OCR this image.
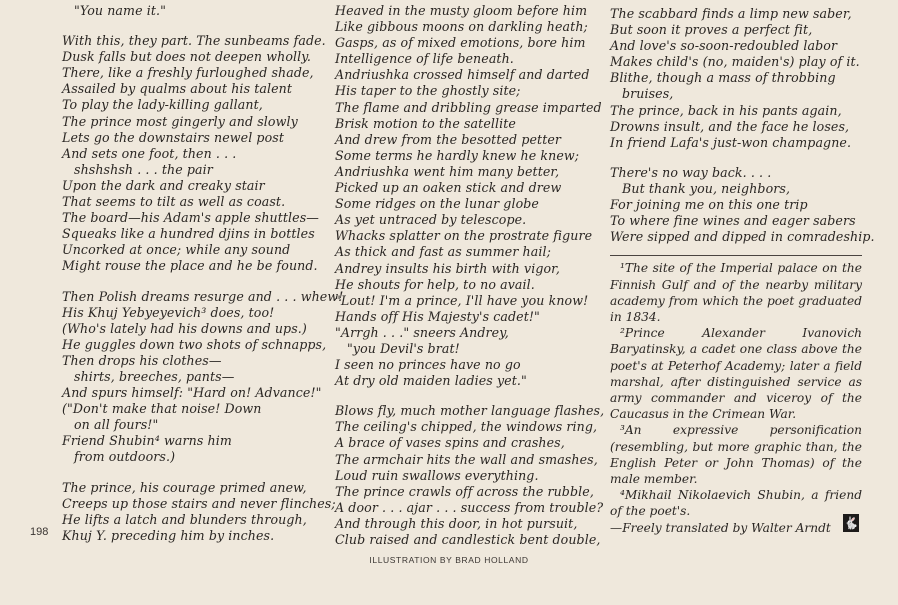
"You name it."
With this, they part. The sunbeams fade.
Dusk falls but does not deepen wholly.
There, like a freshly furloughed shade,
Assailed by qualms about his talent
To play the lady-killing gallant,
The prince most gingerly and slowly
Lets go the downstairs newel post
And sets one foot, then . . .
shshshsh . . . the pair
Upon the dark and creaky stair
That seems to tilt as well as coast.
The board—his Adam's apple shuttles—
Squeaks like a hundred djins in bottles
Uncorked at once; while any sound
Might rouse the place and he be found.
Then Polish dreams resurge and . . . whew!
His Khuj Yebyeyevich³ does, too!
(Who's lately had his downs and ups.)
He guggles down two shots of schnapps,
Then drops his clothes—
shirts, breeches, pants—
And spurs himself: "Hard on! Advance!"
("Don't make that noise! Down
on all fours!"
Friend Shubin⁴ warns him
from outdoors.)
The prince, his courage primed anew,
Creeps up those stairs and never flinches;
He lifts a latch and blunders through,
Khuj Y. preceding him by inches.
Heaved in the musty gloom before him
Like gibbous moons on darkling heath;
Gasps, as of mixed emotions, bore him
Intelligence of life beneath.
Andriushka crossed himself and darted
His taper to the ghostly site;
The flame and dribbling grease imparted
Brisk motion to the satellite
And drew from the besotted petter
Some terms he hardly knew he knew;
Andriushka went him many better,
Picked up an oaken stick and drew
Some ridges on the lunar globe
As yet untraced by telescope.
Whacks splatter on the prostrate figure
As thick and fast as summer hail;
Andrey insults his birth with vigor,
He shouts for help, to no avail.
"Lout! I'm a prince, I'll have you know!
Hands off His Majesty's cadet!"
"Arrgh . . ." sneers Andrey,
"you Devil's brat!
I seen no princes have no go
At dry old maiden ladies yet."
Blows fly, much mother language flashes,
The ceiling's chipped, the windows ring,
A brace of vases spins and crashes,
The armchair hits the wall and smashes,
Loud ruin swallows everything.
The prince crawls off across the rubble,
A door . . . ajar . . . success from trouble?
And through this door, in hot pursuit,
Club raised and candlestick bent double,
The scabbard finds a limp new saber,
But soon it proves a perfect fit,
And love's so-soon-redoubled labor
Makes child's (no, maiden's) play of it.
Blithe, though a mass of throbbing
bruises,
The prince, back in his pants again,
Drowns insult, and the face he loses,
In friend Lafa's just-won champagne.
There's no way back. . . .
But thank you, neighbors,
For joining me on this one trip
To where fine wines and eager sabers
Were sipped and dipped in comradeship.

¹The site of the Imperial palace on the Finnish Gulf and of the nearby military academy from which the poet graduated in 1834.

²Prince Alexander Ivanovich Baryatinsky, a cadet one class above the poet's at Peterhof Academy; later a field marshal, after distinguished service as army commander and viceroy of the Caucasus in the Crimean War.

³An expressive personification (resembling, but more graphic than, the English Peter or John Thomas) of the male member.

⁴Mikhail Nikolaevich Shubin, a friend of the poet's.

—Freely translated by Walter Arndt

198
ILLUSTRATION BY BRAD HOLLAND
🐇
